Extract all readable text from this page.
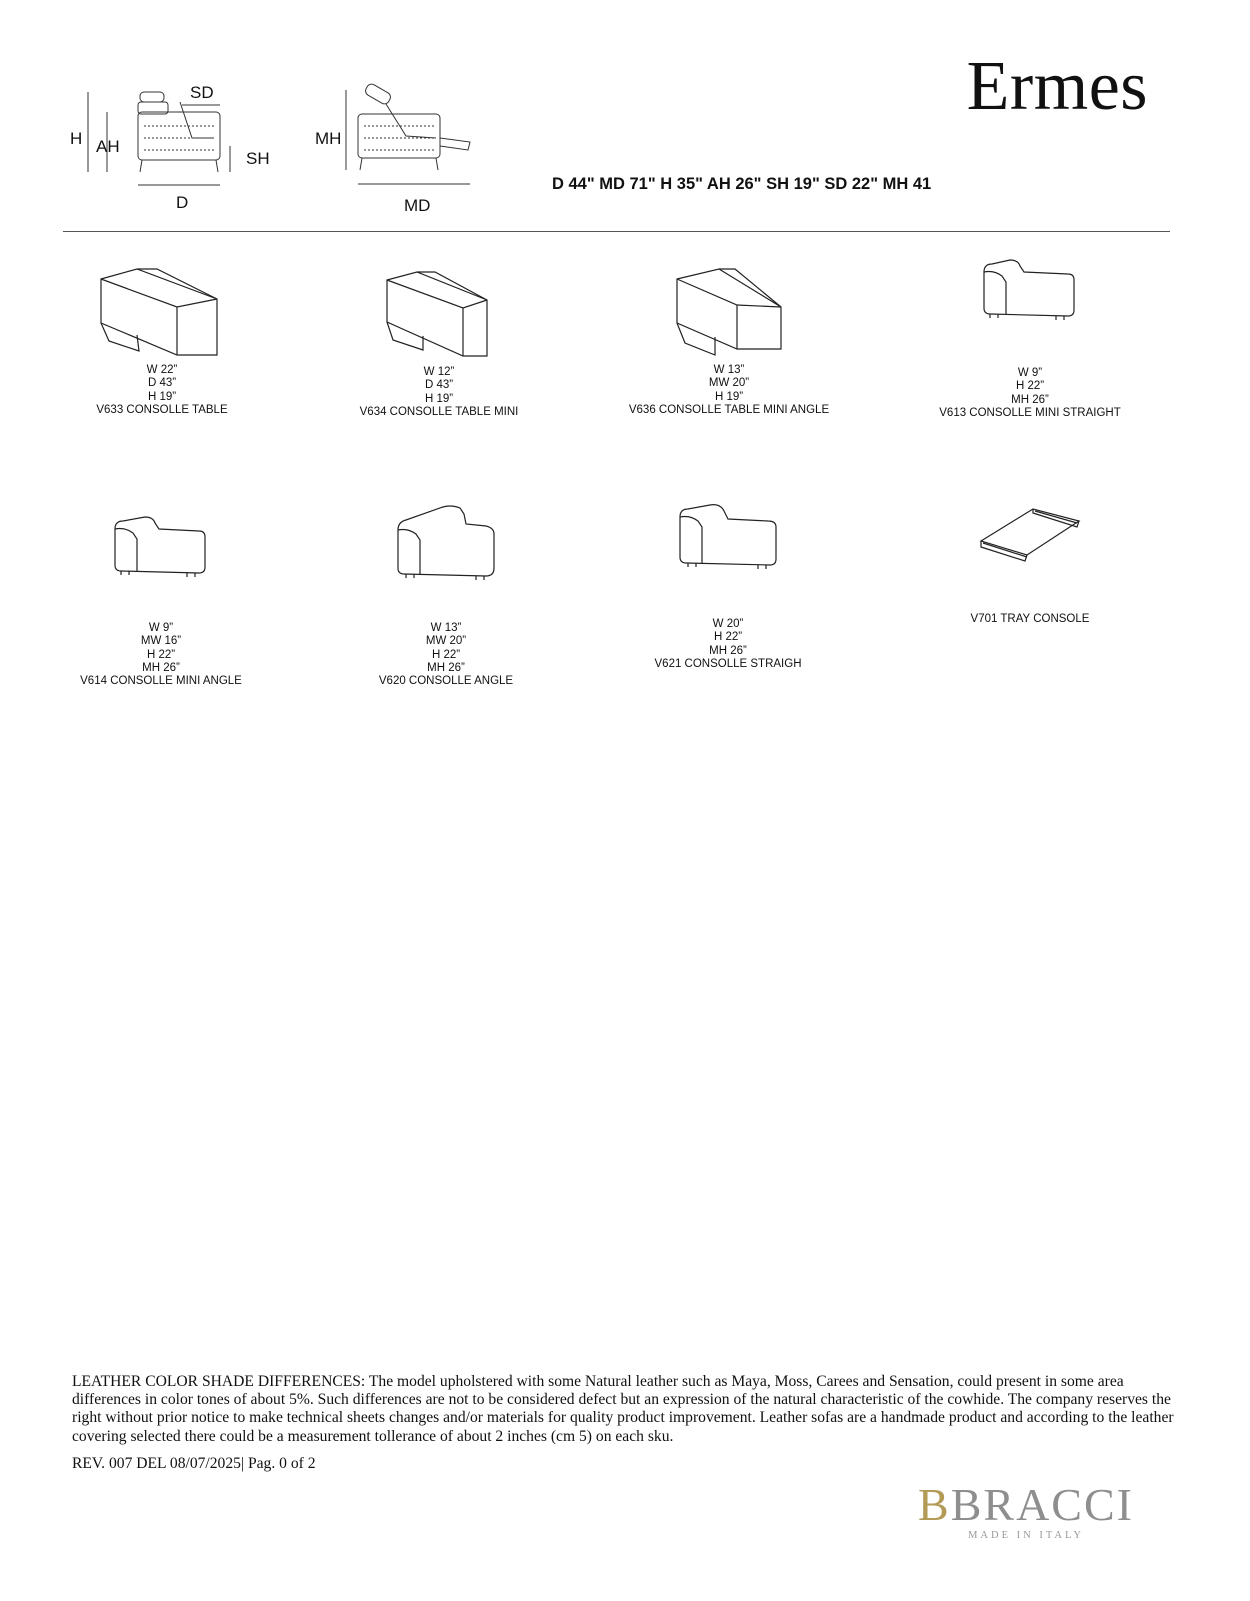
Ermes
D 44" MD 71" H 35" AH 26" SH 19" SD 22" MH 41
SD
H AH
SH
D
MH
MD
W 22”
D 43”
H 19”
V633 CONSOLLE TABLE
W 12”
D 43”
H 19”
V634 CONSOLLE TABLE MINI
W 13”
MW 20”
H 19”
V636 CONSOLLE TABLE MINI ANGLE
W 9”
H 22”
MH 26”
V613 CONSOLLE MINI STRAIGHT
W 9”
MW 16”
H 22”
MH 26”
V614 CONSOLLE MINI ANGLE
W 13”
MW 20”
H 22”
MH 26”
V620 CONSOLLE ANGLE
W 20”
H 22”
MH 26”
V621 CONSOLLE STRAIGH
V701 TRAY CONSOLE
LEATHER COLOR SHADE DIFFERENCES: The model upholstered with some Natural leather such as Maya, Moss, Carees and Sensation, could present in some area differences in color tones of about 5%. Such differences are not to be considered defect but an expression of the natural characteristic of the cowhide. The company reserves the right without prior notice to make technical sheets changes and/or materials for quality product improvement. Leather sofas are a handmade product and according to the leather covering selected there could be a measurement tollerance of about 2 inches (cm 5) on each sku.
REV. 007 DEL 08/07/2025| Pag. 0 of 2
BBRACCI
MADE IN ITALY
